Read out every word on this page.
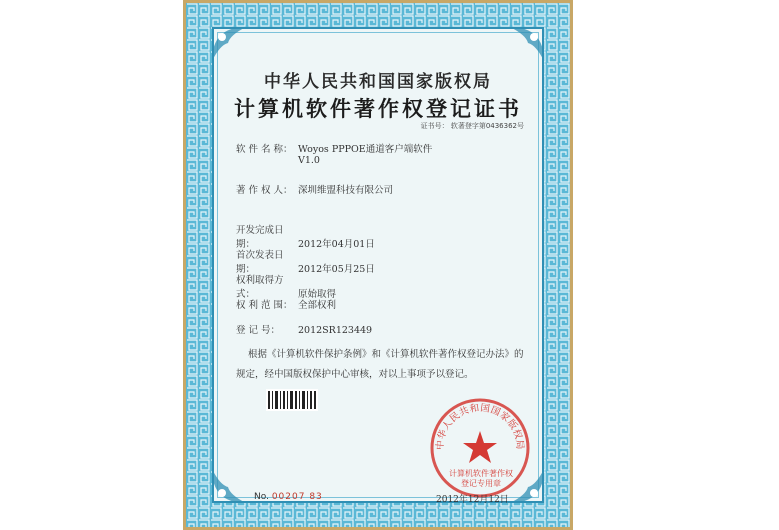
中华人民共和国国家版权局
计算机软件著作权登记证书
证书号： 软著登字第0436362号
软 件 名 称： Woyos PPPOE通道客户端软件
V1.0
著 作 权 人： 深圳维盟科技有限公司
开发完成日期：	2012年04月01日
首次发表日期：	2012年05月25日
权利取得方式：	原始取得
权 利 范 围： 全部权利
登 记 号： 2012SR123449

根据《计算机软件保护条例》和《计算机软件著作权登记办法》的

规定，经中国版权保护中心审核，对以上事项予以登记。

中华人民共和国国家版权局
计算机软件著作权
登记专用章
No. 00207 83	2012年12月12日
